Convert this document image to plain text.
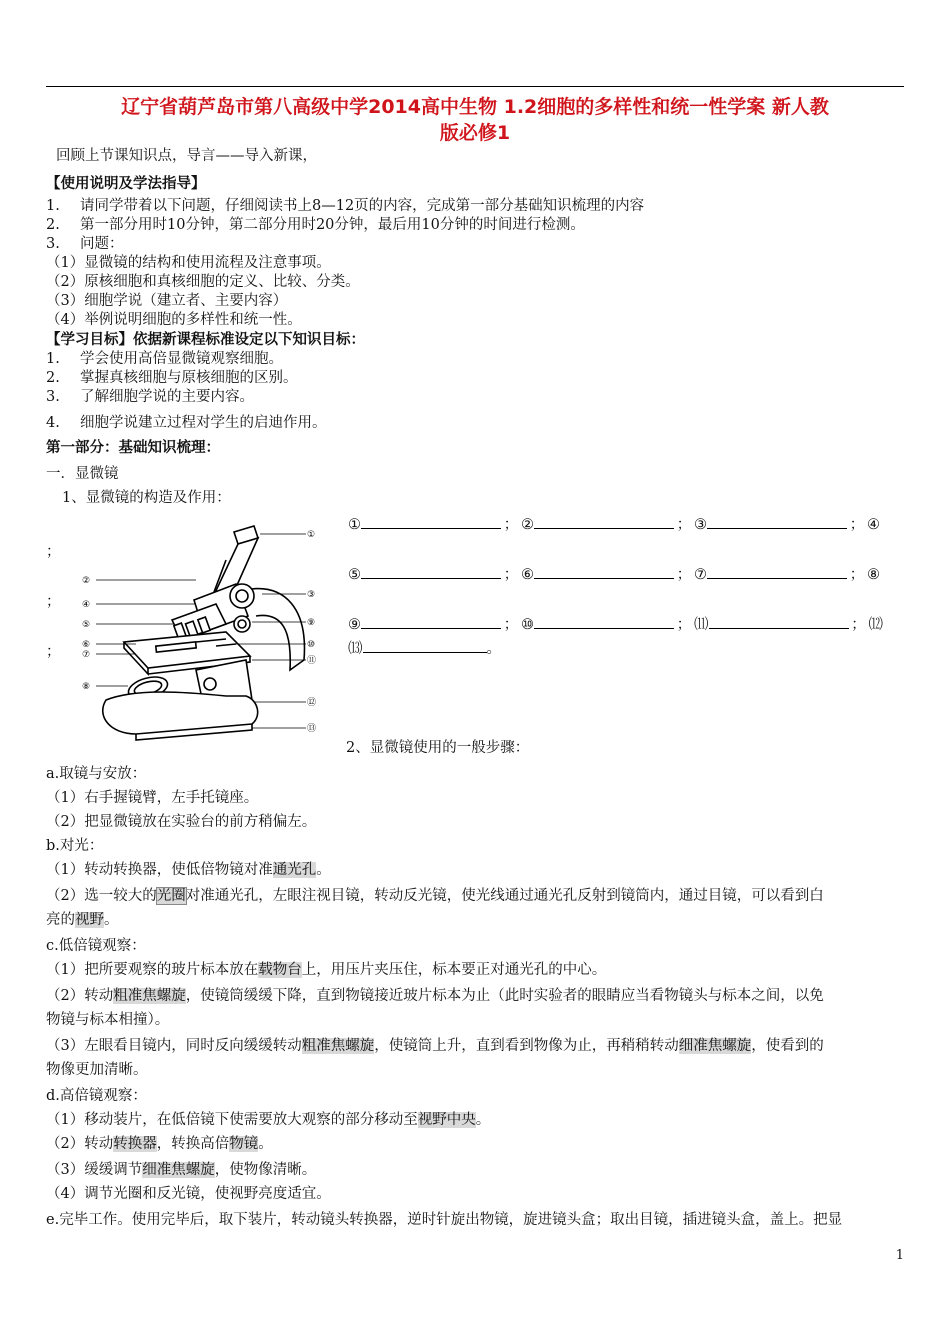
辽宁省葫芦岛市第八高级中学2014高中生物 1.2细胞的多样性和统一性学案 新人教
版必修1
回顾上节课知识点，导言——导入新课，
【使用说明及学法指导】
1. 请同学带着以下问题，仔细阅读书上8—12页的内容，完成第一部分基础知识梳理的内容
2. 第一部分用时10分钟，第二部分用时20分钟，最后用10分钟的时间进行检测。
3. 问题：
（1）显微镜的结构和使用流程及注意事项。
（2）原核细胞和真核细胞的定义、比较、分类。
（3）细胞学说（建立者、主要内容）
（4）举例说明细胞的多样性和统一性。
【学习目标】依据新课程标准设定以下知识目标：
1. 学会使用高倍显微镜观察细胞。
2. 掌握真核细胞与原核细胞的区别。
3. 了解细胞学说的主要内容。
4. 细胞学说建立过程对学生的启迪作用。
第一部分：基础知识梳理：
一．显微镜
1、显微镜的构造及作用：
①	； ②	； ③	； ④
⑤	； ⑥	； ⑦	； ⑧
⑨	； ⑩	； ⑾	； ⑿
⒀	。
；
；
；
①
②
③
④
⑤
⑥
⑦
⑧
⑨
⑩
⑪
⑫
⑬
2、显微镜使用的一般步骤：
a.取镜与安放：
（1）右手握镜臂，左手托镜座。
（2）把显微镜放在实验台的前方稍偏左。
b.对光：
（1）转动转换器，使低倍物镜对准通光孔。
（2）选一较大的光圈对准通光孔，左眼注视目镜，转动反光镜，使光线通过通光孔反射到镜筒内，通过目镜，可以看到白
亮的视野。
c.低倍镜观察：
（1）把所要观察的玻片标本放在载物台上，用压片夹压住，标本要正对通光孔的中心。
（2）转动粗准焦螺旋，使镜筒缓缓下降，直到物镜接近玻片标本为止（此时实验者的眼睛应当看物镜头与标本之间，以免
物镜与标本相撞）。
（3）左眼看目镜内，同时反向缓缓转动粗准焦螺旋，使镜筒上升，直到看到物像为止，再稍稍转动细准焦螺旋，使看到的
物像更加清晰。
d.高倍镜观察：
（1）移动装片，在低倍镜下使需要放大观察的部分移动至视野中央。
（2）转动转换器，转换高倍物镜。
（3）缓缓调节细准焦螺旋，使物像清晰。
（4）调节光圈和反光镜，使视野亮度适宜。
e.完毕工作。使用完毕后，取下装片，转动镜头转换器，逆时针旋出物镜，旋进镜头盒；取出目镜，插进镜头盒，盖上。把显
1
